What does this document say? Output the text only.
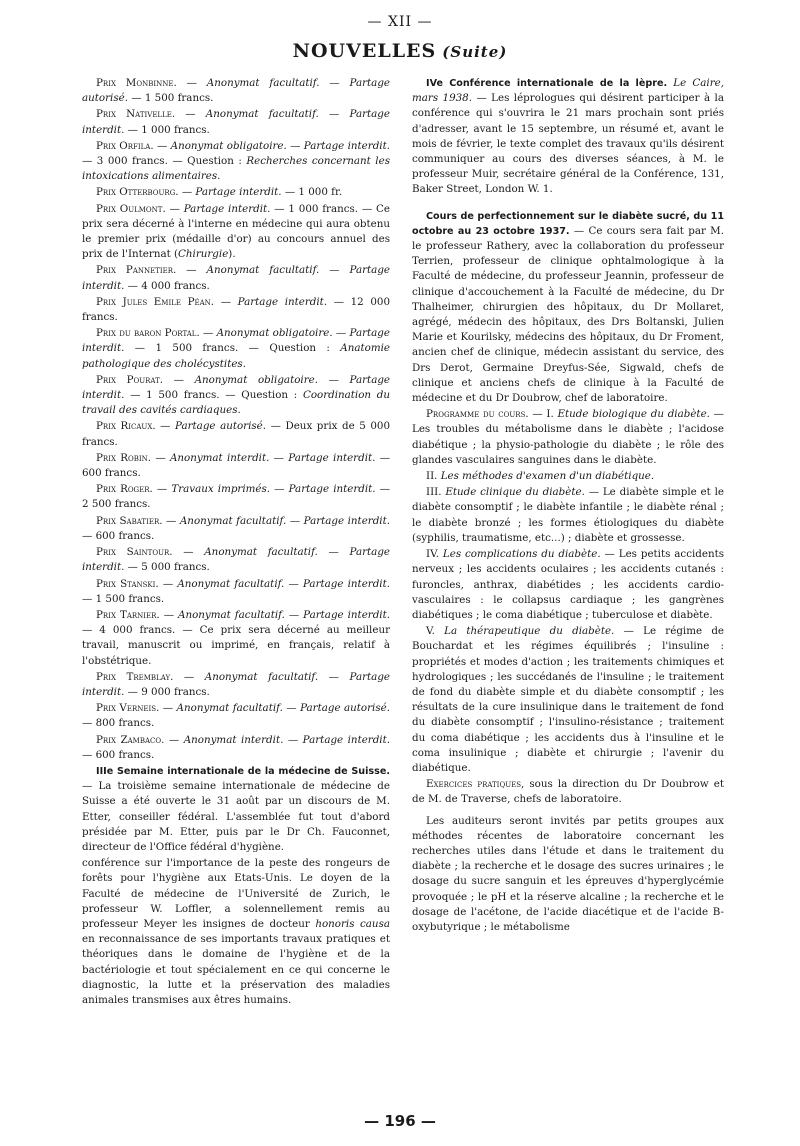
— XII —
NOUVELLES (Suite)

Prix Monbinne. — Anonymat facultatif. — Partage autorisé. — 1 500 francs.

Prix Nativelle. — Anonymat facultatif. — Partage interdit. — 1 000 francs.

Prix Orfila. — Anonymat obligatoire. — Partage interdit. — 3 000 francs. — Question : Recherches concernant les intoxications alimentaires.

Prix Otterbourg. — Partage interdit. — 1 000 fr.

Prix Oulmont. — Partage interdit. — 1 000 francs. — Ce prix sera décerné à l'interne en médecine qui aura obtenu le premier prix (médaille d'or) au concours annuel des prix de l'Internat (Chirurgie).

Prix Pannetier. — Anonymat facultatif. — Partage interdit. — 4 000 francs.

Prix Jules Emile Péan. — Partage interdit. — 12 000 francs.

Prix du baron Portal. — Anonymat obligatoire. — Partage interdit. — 1 500 francs. — Question : Anatomie pathologique des cholécystites.

Prix Pourat. — Anonymat obligatoire. — Partage interdit. — 1 500 francs. — Question : Coordination du travail des cavités cardiaques.

Prix Ricaux. — Partage autorisé. — Deux prix de 5 000 francs.

Prix Robin. — Anonymat interdit. — Partage interdit. — 600 francs.

Prix Roger. — Travaux imprimés. — Partage interdit. — 2 500 francs.

Prix Sabatier. — Anonymat facultatif. — Partage interdit. — 600 francs.

Prix Saintour. — Anonymat facultatif. — Partage interdit. — 5 000 francs.

Prix Stanski. — Anonymat facultatif. — Partage interdit. — 1 500 francs.

Prix Tarnier. — Anonymat facultatif. — Partage interdit. — 4 000 francs. — Ce prix sera décerné au meilleur travail, manuscrit ou imprimé, en français, relatif à l'obstétrique.

Prix Tremblay. — Anonymat facultatif. — Partage interdit. — 9 000 francs.

Prix Verneis. — Anonymat facultatif. — Partage autorisé. — 800 francs.

Prix Zambaco. — Anonymat interdit. — Partage interdit. — 600 francs.

IIIe Semaine internationale de la médecine de Suisse. — La troisième semaine internationale de médecine de Suisse a été ouverte le 31 août par un discours de M. Etter, conseiller fédéral. L'assemblée fut tout d'abord présidée par M. Etter, puis par le Dr Ch. Fauconnet, directeur de l'Office fédéral d'hygiène.

conférence sur l'importance de la peste des rongeurs de forêts pour l'hygiène aux Etats-Unis. Le doyen de la Faculté de médecine de l'Université de Zurich, le professeur W. Loffler, a solennellement remis au professeur Meyer les insignes de docteur honoris causa en reconnaissance de ses importants travaux pratiques et théoriques dans le domaine de l'hygiène et de la bactériologie et tout spécialement en ce qui concerne le diagnostic, la lutte et la préservation des maladies animales transmises aux êtres humains.

IVe Conférence internationale de la lèpre. Le Caire, mars 1938. — Les léprologues qui désirent participer à la conférence qui s'ouvrira le 21 mars prochain sont priés d'adresser, avant le 15 septembre, un résumé et, avant le mois de février, le texte complet des travaux qu'ils désirent communiquer au cours des diverses séances, à M. le professeur Muir, secrétaire général de la Conférence, 131, Baker Street, London W. 1.

Cours de perfectionnement sur le diabète sucré, du 11 octobre au 23 octobre 1937. — Ce cours sera fait par M. le professeur Rathery, avec la collaboration du professeur Terrien, professeur de clinique ophtalmologique à la Faculté de médecine, du professeur Jeannin, professeur de clinique d'accouchement à la Faculté de médecine, du Dr Thalheimer, chirurgien des hôpitaux, du Dr Mollaret, agrégé, médecin des hôpitaux, des Drs Boltanski, Julien Marie et Kourilsky, médecins des hôpitaux, du Dr Froment, ancien chef de clinique, médecin assistant du service, des Drs Derot, Germaine Dreyfus-Sée, Sigwald, chefs de clinique et anciens chefs de clinique à la Faculté de médecine et du Dr Doubrow, chef de laboratoire.

Programme du cours. — I. Etude biologique du diabète. — Les troubles du métabolisme dans le diabète ; l'acidose diabétique ; la physio-pathologie du diabète ; le rôle des glandes vasculaires sanguines dans le diabète.

II. Les méthodes d'examen d'un diabétique.

III. Etude clinique du diabète. — Le diabète simple et le diabète consomptif ; le diabète infantile ; le diabète rénal ; le diabète bronzé ; les formes étiologiques du diabète (syphilis, traumatisme, etc...) ; diabète et grossesse.

IV. Les complications du diabète. — Les petits accidents nerveux ; les accidents oculaires ; les accidents cutanés : furoncles, anthrax, diabétides ; les accidents cardio-vasculaires : le collapsus cardiaque ; les gangrènes diabétiques ; le coma diabétique ; tuberculose et diabète.

V. La thérapeutique du diabète. — Le régime de Bouchardat et les régimes équilibrés ; l'insuline : propriétés et modes d'action ; les traitements chimiques et hydrologiques ; les succédanés de l'insuline ; le traitement de fond du diabète simple et du diabète consomptif ; les résultats de la cure insulinique dans le traitement de fond du diabète consomptif ; l'insulino-résistance ; traitement du coma diabétique ; les accidents dus à l'insuline et le coma insulinique ; diabète et chirurgie ; l'avenir du diabétique.

Exercices pratiques, sous la direction du Dr Doubrow et de M. de Traverse, chefs de laboratoire.

Les auditeurs seront invités par petits groupes aux méthodes récentes de laboratoire concernant les recherches utiles dans l'étude et dans le traitement du diabète ; la recherche et le dosage des sucres urinaires ; le dosage du sucre sanguin et les épreuves d'hyperglycémie provoquée ; le pH et la réserve alcaline ; la recherche et le dosage de l'acétone, de l'acide diacétique et de l'acide B-oxybutyrique ; le métabolisme

— 196 —
